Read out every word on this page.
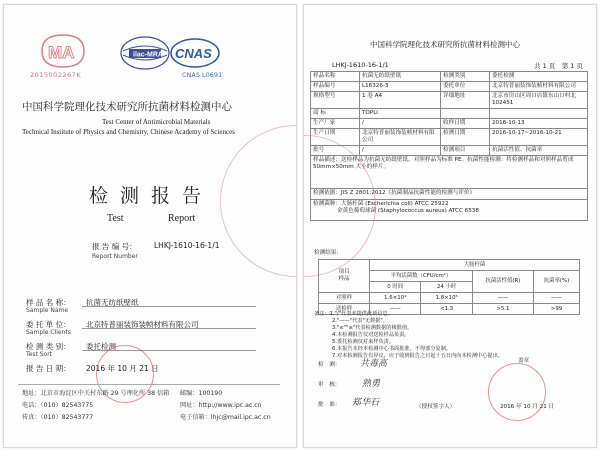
MA	ilac-MRA CNAS
2015002267K	CNAS L0691
中国科学院理化技术研究所抗菌材料检测中心
Test Center of Antimicrobial Materials
Technical Institute of Physics and Chemistry, Chinese Academy of Sciences
检测报告
Test	Report
报 告 编 号： LHKJ-1610-16-1/1
Report Number
样 品 名 称：
Sample Name
抗菌无纺纸壁纸
委 托 单 位：
Sample Clients
北京特普丽装饰装帧材料有限公司
检 测 类 别：
Test Sort
委托检测
报 告 日 期： 2016 年 10 月 21 日
地址：北京市海淀区中关村东路 29 号理化所 38 信箱 邮编：100190
电话：（010）82543775	网址：http://www.ipc.ac.cn
传真：（010）82543777	电子信箱：lhjc@mail.ipc.ac.cn
中国科学院理化技术研究所抗菌材料检测中心
LHKJ-1610-16-1/1	共 1 页　第 1 页
样品名称	抗菌无纺纸壁纸	检测类别	委托检测
样品编号	L16326-3	委托单位	北京特普丽装饰装帧材料有限公司
规格型号	1 卷 A4	详细地址	北京市房山区周口店镇东山口村北 102451
商 标	TOPLI		
生产厂家	/	收样日期	2016-10-13
生产日期	北京特普丽装饰装帧材料有限公司	检测日期	2016-10-17~2016-10-21
批号	/	检测项目	抗菌活性值、抗菌率
样品描述：送检样品为抗菌无纺纸壁纸，对照样品为标准 PE。抗菌性能检测：将检测样品和对照样品剪成 50mm×50mm 大小的样片。			
检测依据：JIS Z 2801:2012《抗菌制品抗菌性能的检测与评价》			
检测菌种：大肠杆菌 (Escherichia coli) ATCC 25922
金黄色葡萄球菌 (Staphylococcus aureus) ATCC 6538			
检测结果：
项目
样品	大肠杆菌			
	平均活菌数（CFU/cm²）		抗菌活性值(R)	抗菌率(%)
	0 时间	24 小时		
对照样	1.6×10⁴	1.8×10⁵	——	——
送检样	——	<1.3	>5.1	>99
备注：1."/"代表未提供此项信息。
2."——"代表"无数据"。
3."≤""≥"代表检测数据的极限值。
4.本检测报告仅对送检样品负责。
5.委托检测仅对来样负责。
6.本报告未经本检测中心书面批准，不得部分复制。
7.对本检测报告有异议，应于收到报告之日起十五日内向本检测中心提出。
检　测： 共毒高
审　核： 熟勇
批　准： 郑华石	（授权签字人）
盖章
2016 年 10 月 21 日
